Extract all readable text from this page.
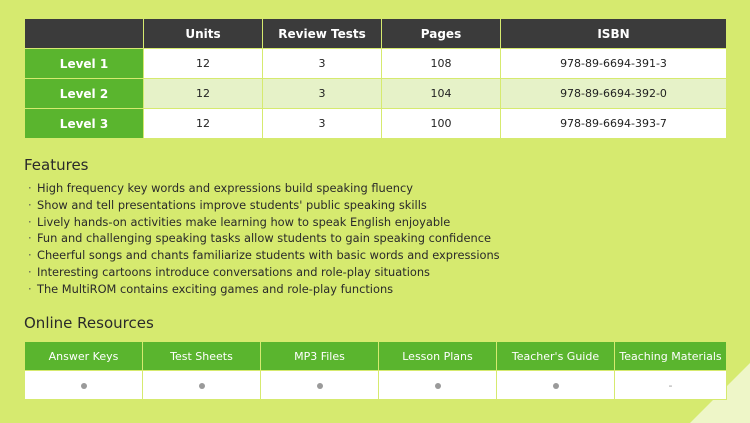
	Units	Review Tests	Pages	ISBN
Level 1	12	3	108	978-89-6694-391-3
Level 2	12	3	104	978-89-6694-392-0
Level 3	12	3	100	978-89-6694-393-7
Features
· High frequency key words and expressions build speaking fluency
· Show and tell presentations improve students' public speaking skills
· Lively hands-on activities make learning how to speak English enjoyable
· Fun and challenging speaking tasks allow students to gain speaking confidence
· Cheerful songs and chants familiarize students with basic words and expressions
· Interesting cartoons introduce conversations and role-play situations
· The MultiROM contains exciting games and role-play functions
Online Resources
Answer Keys	Test Sheets	MP3 Files	Lesson Plans	Teacher's Guide	Teaching Materials
					-
